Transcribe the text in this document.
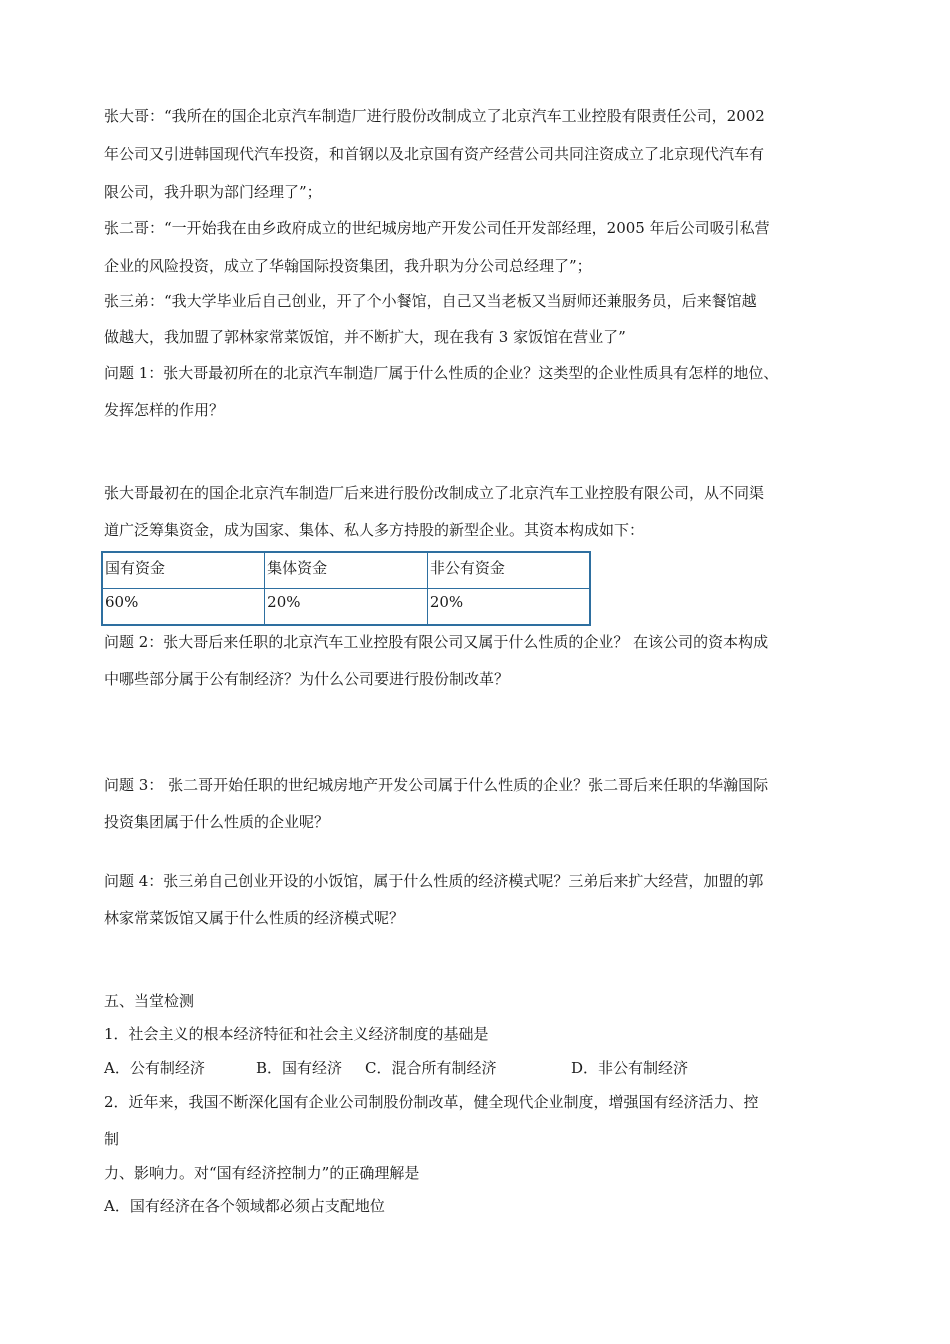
张大哥：“我所在的国企北京汽车制造厂进行股份改制成立了北京汽车工业控股有限责任公司，2002
年公司又引进韩国现代汽车投资，和首钢以及北京国有资产经营公司共同注资成立了北京现代汽车有
限公司，我升职为部门经理了”；
张二哥：“一开始我在由乡政府成立的世纪城房地产开发公司任开发部经理，2005 年后公司吸引私营
企业的风险投资，成立了华翰国际投资集团，我升职为分公司总经理了”；
张三弟：“我大学毕业后自己创业，开了个小餐馆，自己又当老板又当厨师还兼服务员，后来餐馆越
做越大，我加盟了郭林家常菜饭馆，并不断扩大，现在我有 3 家饭馆在营业了”
问题 1：张大哥最初所在的北京汽车制造厂属于什么性质的企业？这类型的企业性质具有怎样的地位、
发挥怎样的作用？
张大哥最初在的国企北京汽车制造厂后来进行股份改制成立了北京汽车工业控股有限公司，从不同渠
道广泛筹集资金，成为国家、集体、私人多方持股的新型企业。其资本构成如下：
国有资金	集体资金	非公有资金

60%	20%	20%
问题 2：张大哥后来任职的北京汽车工业控股有限公司又属于什么性质的企业？ 在该公司的资本构成
中哪些部分属于公有制经济？为什么公司要进行股份制改革？
问题 3： 张二哥开始任职的世纪城房地产开发公司属于什么性质的企业？张二哥后来任职的华瀚国际
投资集团属于什么性质的企业呢？
问题 4：张三弟自己创业开设的小饭馆，属于什么性质的经济模式呢？三弟后来扩大经营，加盟的郭
林家常菜饭馆又属于什么性质的经济模式呢？
五、当堂检测
1．社会主义的根本经济特征和社会主义经济制度的基础是
A．公有制经济	B．国有经济 C．混合所有制经济	D．非公有制经济
2．近年来，我国不断深化国有企业公司制股份制改革，健全现代企业制度，增强国有经济活力、控
制
力、影响力。对“国有经济控制力”的正确理解是
A．国有经济在各个领域都必须占支配地位
